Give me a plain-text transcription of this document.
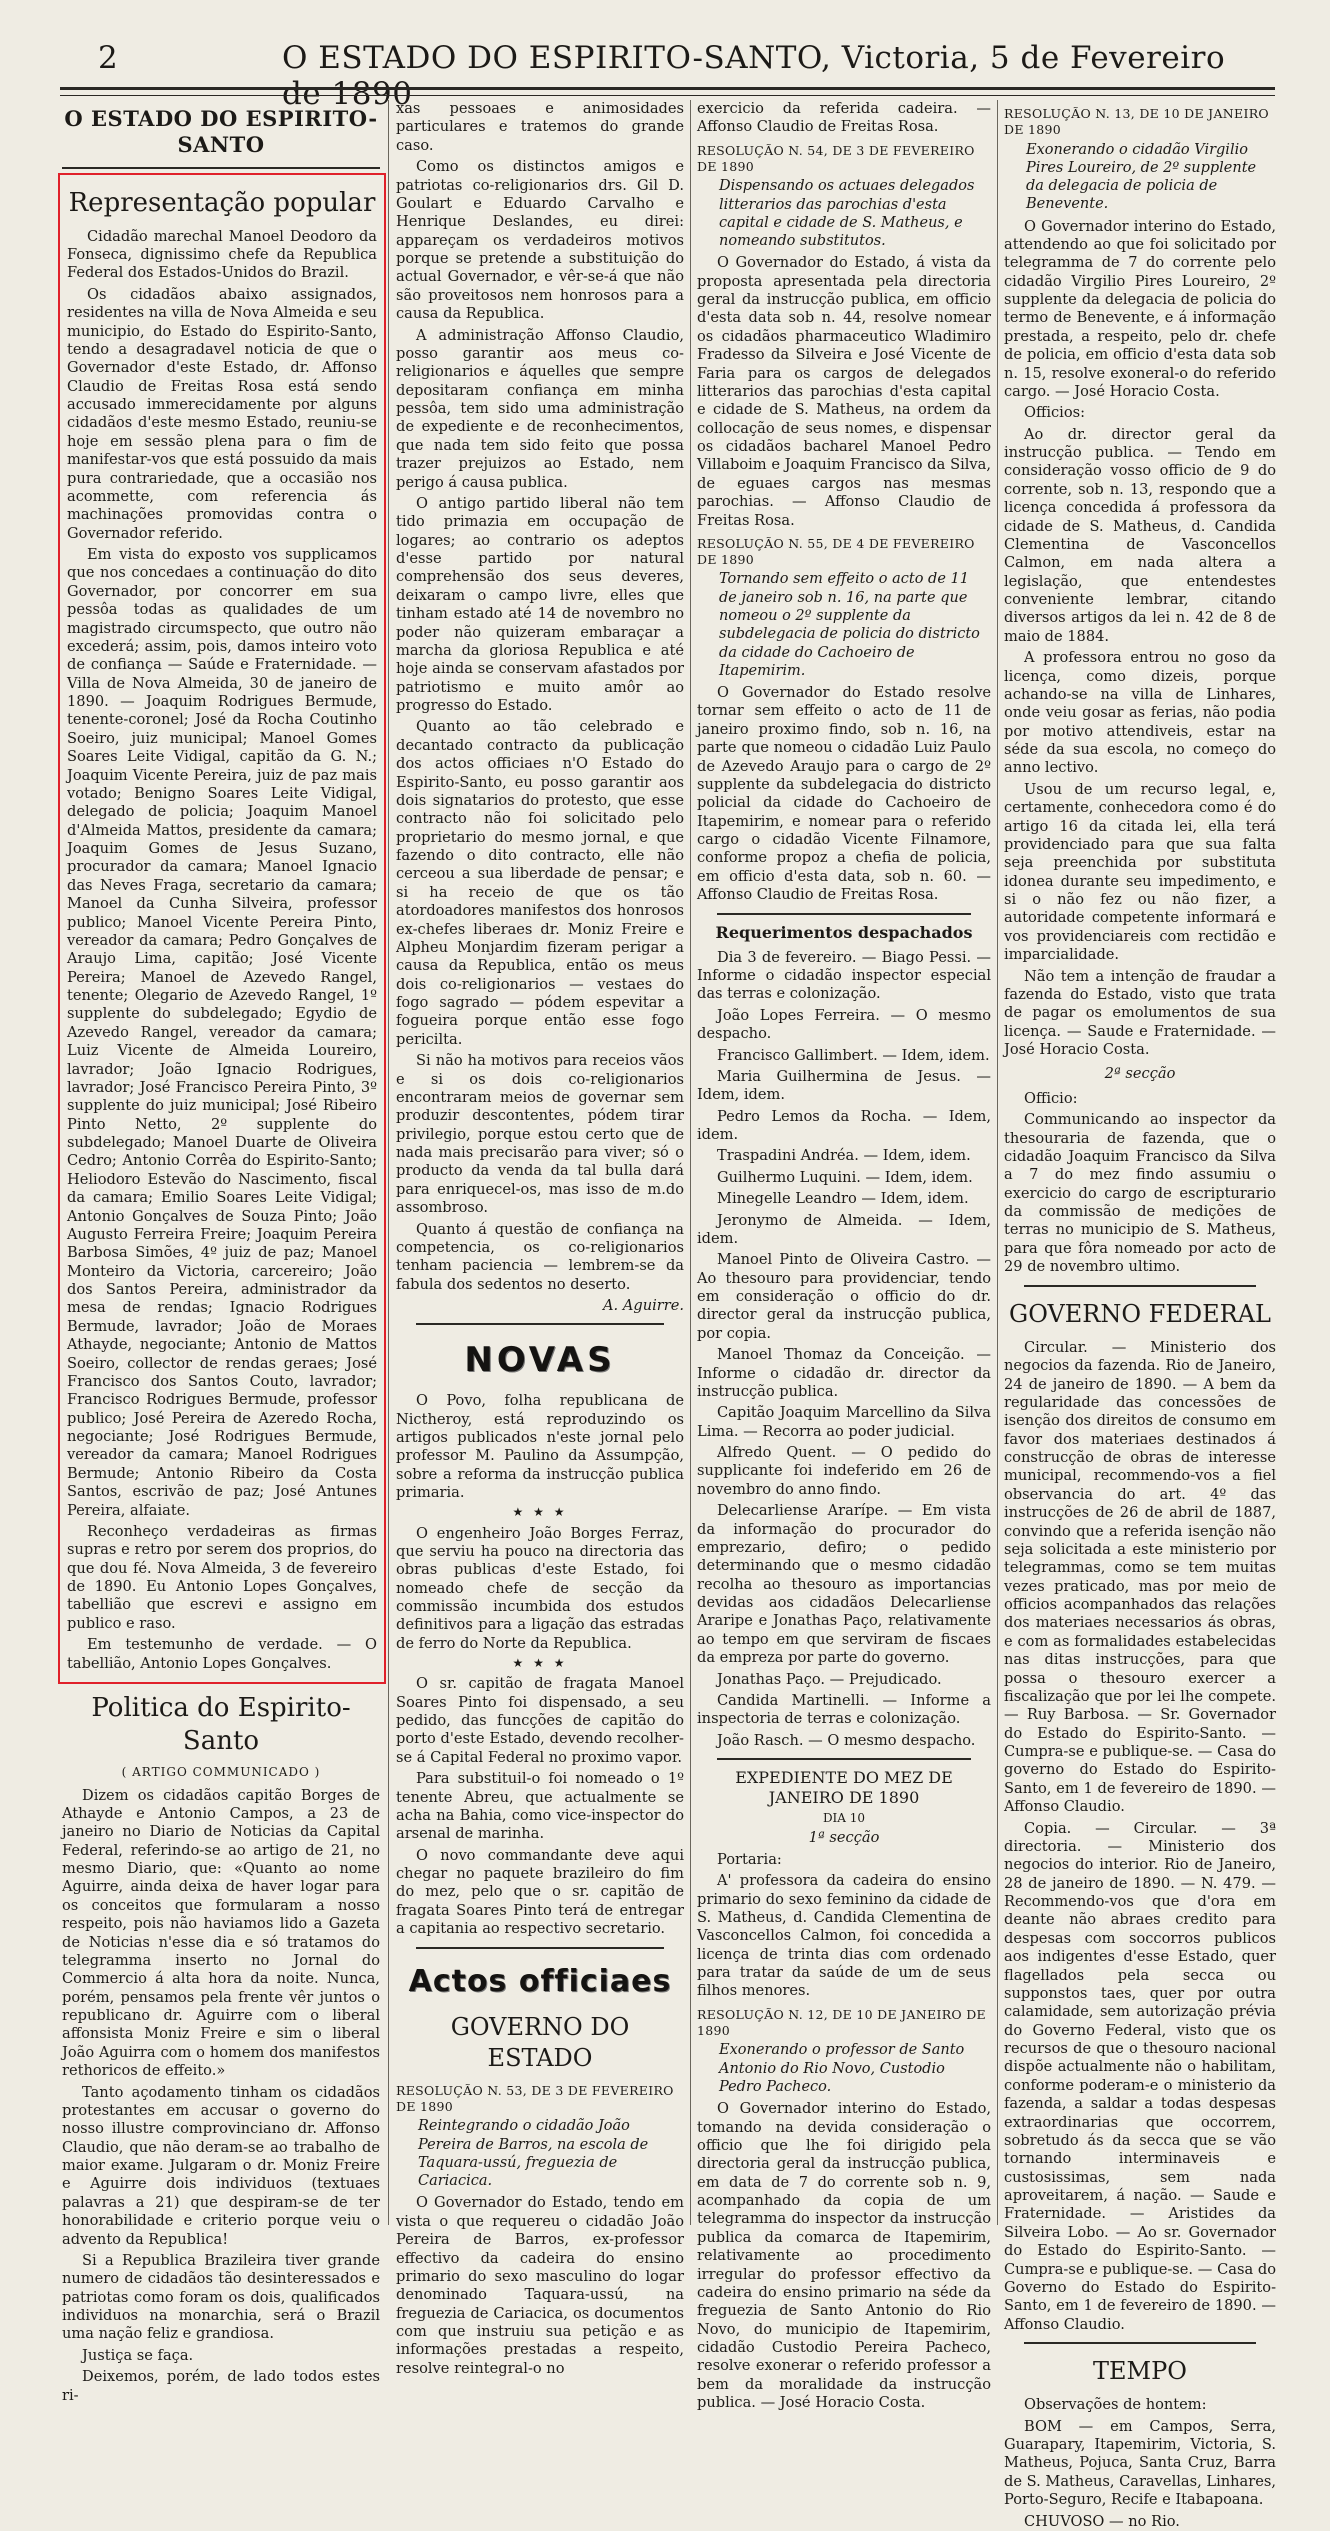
2	O ESTADO DO ESPIRITO-SANTO, Victoria, 5 de Fevereiro de 1890
O ESTADO DO ESPIRITO-SANTO
Representação popular

Cidadão marechal Manoel Deodoro da Fonseca, dignissimo chefe da Republica Federal dos Estados-Unidos do Brazil.

Os cidadãos abaixo assignados, residentes na villa de Nova Almeida e seu municipio, do Estado do Espirito-Santo, tendo a desagradavel noticia de que o Governador d'este Estado, dr. Affonso Claudio de Freitas Rosa está sendo accusado immerecidamente por alguns cidadãos d'este mesmo Estado, reuniu-se hoje em sessão plena para o fim de manifestar-vos que está possuido da mais pura contrariedade, que a occasião nos acommette, com referencia ás machinações promovidas contra o Governador referido.

Em vista do exposto vos supplicamos que nos concedaes a continuação do dito Governador, por concorrer em sua pessôa todas as qualidades de um magistrado circumspecto, que outro não excederá; assim, pois, damos inteiro voto de confiança — Saúde e Fraternidade. — Villa de Nova Almeida, 30 de janeiro de 1890. — Joaquim Rodrigues Bermude, tenente-coronel; José da Rocha Coutinho Soeiro, juiz municipal; Manoel Gomes Soares Leite Vidigal, capitão da G. N.; Joaquim Vicente Pereira, juiz de paz mais votado; Benigno Soares Leite Vidigal, delegado de policia; Joaquim Manoel d'Almeida Mattos, presidente da camara; Joaquim Gomes de Jesus Suzano, procurador da camara; Manoel Ignacio das Neves Fraga, secretario da camara; Manoel da Cunha Silveira, professor publico; Manoel Vicente Pereira Pinto, vereador da camara; Pedro Gonçalves de Araujo Lima, capitão; José Vicente Pereira; Manoel de Azevedo Rangel, tenente; Olegario de Azevedo Rangel, 1º supplente do subdelegado; Egydio de Azevedo Rangel, vereador da camara; Luiz Vicente de Almeida Loureiro, lavrador; João Ignacio Rodrigues, lavrador; José Francisco Pereira Pinto, 3º supplente do juiz municipal; José Ribeiro Pinto Netto, 2º supplente do subdelegado; Manoel Duarte de Oliveira Cedro; Antonio Corrêa do Espirito-Santo; Heliodoro Estevão do Nascimento, fiscal da camara; Emilio Soares Leite Vidigal; Antonio Gonçalves de Souza Pinto; João Augusto Ferreira Freire; Joaquim Pereira Barbosa Simões, 4º juiz de paz; Manoel Monteiro da Victoria, carcereiro; João dos Santos Pereira, administrador da mesa de rendas; Ignacio Rodrigues Bermude, lavrador; João de Moraes Athayde, negociante; Antonio de Mattos Soeiro, collector de rendas geraes; José Francisco dos Santos Couto, lavrador; Francisco Rodrigues Bermude, professor publico; José Pereira de Azeredo Rocha, negociante; José Rodrigues Bermude, vereador da camara; Manoel Rodrigues Bermude; Antonio Ribeiro da Costa Santos, escrivão de paz; José Antunes Pereira, alfaiate.

Reconheço verdadeiras as firmas supras e retro por serem dos proprios, do que dou fé. Nova Almeida, 3 de fevereiro de 1890. Eu Antonio Lopes Gonçalves, tabellião que escrevi e assigno em publico e raso.

Em testemunho de verdade. — O tabellião, Antonio Lopes Gonçalves.

Politica do Espirito-Santo
( ARTIGO COMMUNICADO )

Dizem os cidadãos capitão Borges de Athayde e Antonio Campos, a 23 de janeiro no Diario de Noticias da Capital Federal, referindo-se ao artigo de 21, no mesmo Diario, que: «Quanto ao nome Aguirre, ainda deixa de haver logar para os conceitos que formularam a nosso respeito, pois não haviamos lido a Gazeta de Noticias n'esse dia e só tratamos do telegramma inserto no Jornal do Commercio á alta hora da noite. Nunca, porém, pensamos pela frente vêr juntos o republicano dr. Aguirre com o liberal affonsista Moniz Freire e sim o liberal João Aguirra com o homem dos manifestos rethoricos de effeito.»

Tanto açodamento tinham os cidadãos protestantes em accusar o governo do nosso illustre comprovinciano dr. Affonso Claudio, que não deram-se ao trabalho de maior exame. Julgaram o dr. Moniz Freire e Aguirre dois individuos (textuaes palavras a 21) que despiram-se de ter honorabilidade e criterio porque veiu o advento da Republica!

Si a Republica Brazileira tiver grande numero de cidadãos tão desinteressados e patriotas como foram os dois, qualificados individuos na monarchia, será o Brazil uma nação feliz e grandiosa.

Justiça se faça.

Deixemos, porém, de lado todos estes ri-

xas pessoaes e animosidades particulares e tratemos do grande caso.

Como os distinctos amigos e patriotas co-religionarios drs. Gil D. Goulart e Eduardo Carvalho e Henrique Deslandes, eu direi: appareçam os verdadeiros motivos porque se pretende a substituição do actual Governador, e vêr-se-á que não são proveitosos nem honrosos para a causa da Republica.

A administração Affonso Claudio, posso garantir aos meus co-religionarios e áquelles que sempre depositaram confiança em minha pessôa, tem sido uma administração de expediente e de reconhecimentos, que nada tem sido feito que possa trazer prejuizos ao Estado, nem perigo á causa publica.

O antigo partido liberal não tem tido primazia em occupação de logares; ao contrario os adeptos d'esse partido por natural comprehensão dos seus deveres, deixaram o campo livre, elles que tinham estado até 14 de novembro no poder não quizeram embaraçar a marcha da gloriosa Republica e até hoje ainda se conservam afastados por patriotismo e muito amôr ao progresso do Estado.

Quanto ao tão celebrado e decantado contracto da publicação dos actos officiaes n'O Estado do Espirito-Santo, eu posso garantir aos dois signatarios do protesto, que esse contracto não foi solicitado pelo proprietario do mesmo jornal, e que fazendo o dito contracto, elle não cerceou a sua liberdade de pensar; e si ha receio de que os tão atordoadores manifestos dos honrosos ex-chefes liberaes dr. Moniz Freire e Alpheu Monjardim fizeram perigar a causa da Republica, então os meus dois co-religionarios — vestaes do fogo sagrado — pódem espevitar a fogueira porque então esse fogo pericilta.

Si não ha motivos para receios vãos e si os dois co-religionarios encontraram meios de governar sem produzir descontentes, pódem tirar privilegio, porque estou certo que de nada mais precisarão para viver; só o producto da venda da tal bulla dará para enriquecel-os, mas isso de m.do assombroso.

Quanto á questão de confiança na competencia, os co-religionarios tenham paciencia — lembrem-se da fabula dos sedentos no deserto.

A. Aguirre.
NOVAS

O Povo, folha republicana de Nictheroy, está reproduzindo os artigos publicados n'este jornal pelo professor M. Paulino da Assumpção, sobre a reforma da instrucção publica primaria.

★ ★ ★

O engenheiro João Borges Ferraz, que serviu ha pouco na directoria das obras publicas d'este Estado, foi nomeado chefe de secção da commissão incumbida dos estudos definitivos para a ligação das estradas de ferro do Norte da Republica.

★ ★ ★

O sr. capitão de fragata Manoel Soares Pinto foi dispensado, a seu pedido, das funcções de capitão do porto d'este Estado, devendo recolher-se á Capital Federal no proximo vapor.

Para substituil-o foi nomeado o 1º tenente Abreu, que actualmente se acha na Bahia, como vice-inspector do arsenal de marinha.

O novo commandante deve aqui chegar no paquete brazileiro do fim do mez, pelo que o sr. capitão de fragata Soares Pinto terá de entregar a capitania ao respectivo secretario.

Actos officiaes
GOVERNO DO ESTADO
RESOLUÇÃO N. 53, DE 3 DE FEVEREIRO DE 1890
Reintegrando o cidadão João Pereira de Barros, na escola de Taquara-ussú, freguezia de Cariacica.

O Governador do Estado, tendo em vista o que requereu o cidadão João Pereira de Barros, ex-professor effectivo da cadeira do ensino primario do sexo masculino do logar denominado Taquara-ussú, na freguezia de Cariacica, os documentos com que instruiu sua petição e as informações prestadas a respeito, resolve reintegral-o no

exercicio da referida cadeira. — Affonso Claudio de Freitas Rosa.

RESOLUÇÃO N. 54, DE 3 DE FEVEREIRO DE 1890
Dispensando os actuaes delegados litterarios das parochias d'esta capital e cidade de S. Matheus, e nomeando substitutos.

O Governador do Estado, á vista da proposta apresentada pela directoria geral da instrucção publica, em officio d'esta data sob n. 44, resolve nomear os cidadãos pharmaceutico Wladimiro Fradesso da Silveira e José Vicente de Faria para os cargos de delegados litterarios das parochias d'esta capital e cidade de S. Matheus, na ordem da collocação de seus nomes, e dispensar os cidadãos bacharel Manoel Pedro Villaboim e Joaquim Francisco da Silva, de eguaes cargos nas mesmas parochias. — Affonso Claudio de Freitas Rosa.

RESOLUÇÃO N. 55, DE 4 DE FEVEREIRO DE 1890
Tornando sem effeito o acto de 11 de janeiro sob n. 16, na parte que nomeou o 2º supplente da subdelegacia de policia do districto da cidade do Cachoeiro de Itapemirim.

O Governador do Estado resolve tornar sem effeito o acto de 11 de janeiro proximo findo, sob n. 16, na parte que nomeou o cidadão Luiz Paulo de Azevedo Araujo para o cargo de 2º supplente da subdelegacia do districto policial da cidade do Cachoeiro de Itapemirim, e nomear para o referido cargo o cidadão Vicente Filnamore, conforme propoz a chefia de policia, em officio d'esta data, sob n. 60. — Affonso Claudio de Freitas Rosa.

Requerimentos despachados

Dia 3 de fevereiro. — Biago Pessi. — Informe o cidadão inspector especial das terras e colonização.

João Lopes Ferreira. — O mesmo despacho.

Francisco Gallimbert. — Idem, idem.

Maria Guilhermina de Jesus. — Idem, idem.

Pedro Lemos da Rocha. — Idem, idem.

Traspadini Andréa. — Idem, idem.

Guilhermo Luquini. — Idem, idem.

Minegelle Leandro — Idem, idem.

Jeronymo de Almeida. — Idem, idem.

Manoel Pinto de Oliveira Castro. — Ao thesouro para providenciar, tendo em consideração o officio do dr. director geral da instrucção publica, por copia.

Manoel Thomaz da Conceição. — Informe o cidadão dr. director da instrucção publica.

Capitão Joaquim Marcellino da Silva Lima. — Recorra ao poder judicial.

Alfredo Quent. — O pedido do supplicante foi indeferido em 26 de novembro do anno findo.

Delecarliense Ararípe. — Em vista da informação do procurador do emprezario, defiro; o pedido determinando que o mesmo cidadão recolha ao thesouro as importancias devidas aos cidadãos Delecarliense Araripe e Jonathas Paço, relativamente ao tempo em que serviram de fiscaes da empreza por parte do governo.

Jonathas Paço. — Prejudicado.

Candida Martinelli. — Informe a inspectoria de terras e colonização.

João Rasch. — O mesmo despacho.

EXPEDIENTE DO MEZ DE JANEIRO DE 1890
DIA 10
1ª secção

Portaria:

A' professora da cadeira do ensino primario do sexo feminino da cidade de S. Matheus, d. Candida Clementina de Vasconcellos Calmon, foi concedida a licença de trinta dias com ordenado para tratar da saúde de um de seus filhos menores.

RESOLUÇÃO N. 12, DE 10 DE JANEIRO DE 1890
Exonerando o professor de Santo Antonio do Rio Novo, Custodio Pedro Pacheco.

O Governador interino do Estado, tomando na devida consideração o officio que lhe foi dirigido pela directoria geral da instrucção publica, em data de 7 do corrente sob n. 9, acompanhado da copia de um telegramma do inspector da instrucção publica da comarca de Itapemirim, relativamente ao procedimento irregular do professor effectivo da cadeira do ensino primario na séde da freguezia de Santo Antonio do Rio Novo, do municipio de Itapemirim, cidadão Custodio Pereira Pacheco, resolve exonerar o referido professor a bem da moralidade da instrucção publica. — José Horacio Costa.

RESOLUÇÃO N. 13, DE 10 DE JANEIRO DE 1890
Exonerando o cidadão Virgilio Pires Loureiro, de 2º supplente da delegacia de policia de Benevente.

O Governador interino do Estado, attendendo ao que foi solicitado por telegramma de 7 do corrente pelo cidadão Virgilio Pires Loureiro, 2º supplente da delegacia de policia do termo de Benevente, e á informação prestada, a respeito, pelo dr. chefe de policia, em officio d'esta data sob n. 15, resolve exoneral-o do referido cargo. — José Horacio Costa.

Officios:

Ao dr. director geral da instrucção publica. — Tendo em consideração vosso officio de 9 do corrente, sob n. 13, respondo que a licença concedida á professora da cidade de S. Matheus, d. Candida Clementina de Vasconcellos Calmon, em nada altera a legislação, que entendestes conveniente lembrar, citando diversos artigos da lei n. 42 de 8 de maio de 1884.

A professora entrou no goso da licença, como dizeis, porque achando-se na villa de Linhares, onde veiu gosar as ferias, não podia por motivo attendiveis, estar na séde da sua escola, no começo do anno lectivo.

Usou de um recurso legal, e, certamente, conhecedora como é do artigo 16 da citada lei, ella terá providenciado para que sua falta seja preenchida por substituta idonea durante seu impedimento, e si o não fez ou não fizer, a autoridade competente informará e vos providenciareis com rectidão e imparcialidade.

Não tem a intenção de fraudar a fazenda do Estado, visto que trata de pagar os emolumentos de sua licença. — Saude e Fraternidade. — José Horacio Costa.

2ª secção

Officio:

Communicando ao inspector da thesouraria de fazenda, que o cidadão Joaquim Francisco da Silva a 7 do mez findo assumiu o exercicio do cargo de escripturario da commissão de medições de terras no municipio de S. Matheus, para que fôra nomeado por acto de 29 de novembro ultimo.

GOVERNO FEDERAL

Circular. — Ministerio dos negocios da fazenda. Rio de Janeiro, 24 de janeiro de 1890. — A bem da regularidade das concessões de isenção dos direitos de consumo em favor dos materiaes destinados á construcção de obras de interesse municipal, recommendo-vos a fiel observancia do art. 4º das instrucções de 26 de abril de 1887, convindo que a referida isenção não seja solicitada a este ministerio por telegrammas, como se tem muitas vezes praticado, mas por meio de officios acompanhados das relações dos materiaes necessarios ás obras, e com as formalidades estabelecidas nas ditas instrucções, para que possa o thesouro exercer a fiscalização que por lei lhe compete. — Ruy Barbosa. — Sr. Governador do Estado do Espirito-Santo. — Cumpra-se e publique-se. — Casa do governo do Estado do Espirito-Santo, em 1 de fevereiro de 1890. — Affonso Claudio.

Copia. — Circular. — 3ª directoria. — Ministerio dos negocios do interior. Rio de Janeiro, 28 de janeiro de 1890. — N. 479. — Recommendo-vos que d'ora em deante não abraes credito para despesas com soccorros publicos aos indigentes d'esse Estado, quer flagellados pela secca ou supponstos taes, quer por outra calamidade, sem autorização prévia do Governo Federal, visto que os recursos de que o thesouro nacional dispõe actualmente não o habilitam, conforme poderam-e o ministerio da fazenda, a saldar a todas despesas extraordinarias que occorrem, sobretudo ás da secca que se vão tornando interminaveis e custosissimas, sem nada aproveitarem, á nação. — Saude e Fraternidade. — Aristides da Silveira Lobo. — Ao sr. Governador do Estado do Espirito-Santo. — Cumpra-se e publique-se. — Casa do Governo do Estado do Espirito-Santo, em 1 de fevereiro de 1890. — Affonso Claudio.

TEMPO

Observações de hontem:

BOM — em Campos, Serra, Guarapary, Itapemirim, Victoria, S. Matheus, Pojuca, Santa Cruz, Barra de S. Matheus, Caravellas, Linhares, Porto-Seguro, Recife e Itabapoana.

CHUVOSO — no Rio.
